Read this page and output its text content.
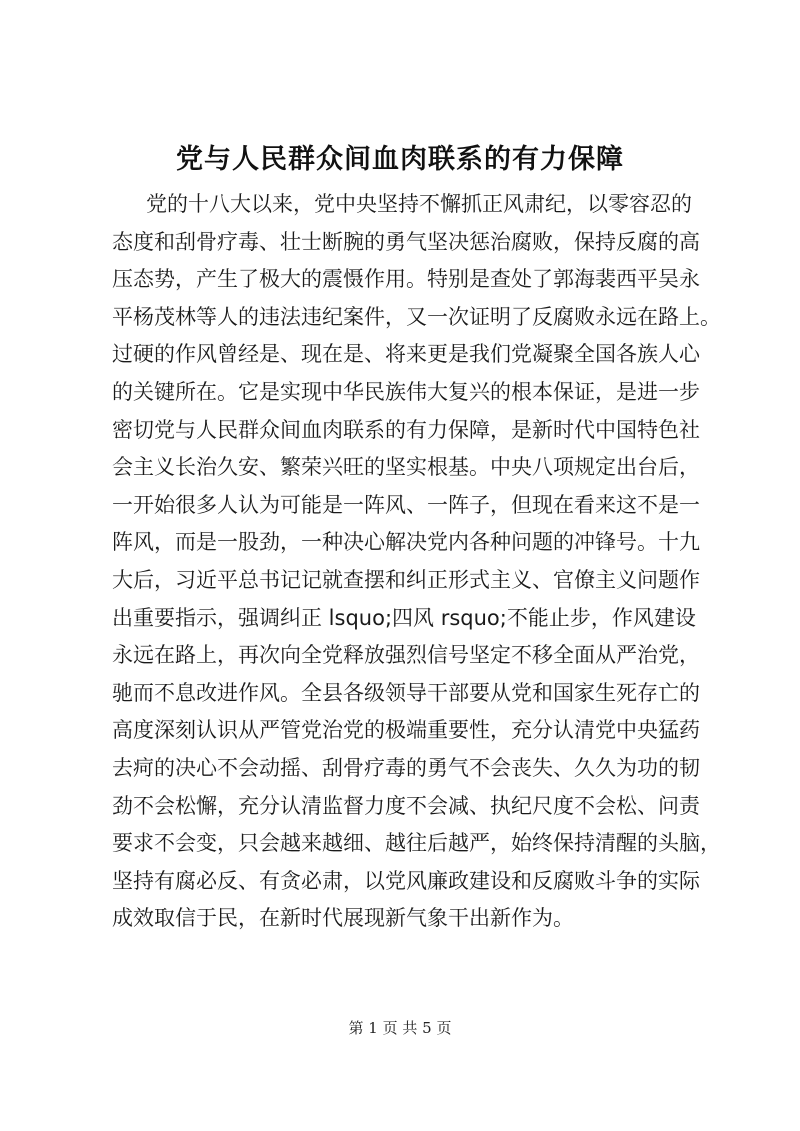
党与人民群众间血肉联系的有力保障
党的十八大以来，党中央坚持不懈抓正风肃纪，以零容忍的
态度和刮骨疗毒、壮士断腕的勇气坚决惩治腐败，保持反腐的高
压态势，产生了极大的震慑作用。特别是查处了郭海裴西平吴永
平杨茂林等人的违法违纪案件，又一次证明了反腐败永远在路上。
过硬的作风曾经是、现在是、将来更是我们党凝聚全国各族人心
的关键所在。它是实现中华民族伟大复兴的根本保证，是进一步
密切党与人民群众间血肉联系的有力保障，是新时代中国特色社
会主义长治久安、繁荣兴旺的坚实根基。中央八项规定出台后，
一开始很多人认为可能是一阵风、一阵子，但现在看来这不是一
阵风，而是一股劲，一种决心解决党内各种问题的冲锋号。十九
大后，习近平总书记记就查摆和纠正形式主义、官僚主义问题作
出重要指示，强调纠正 lsquo;四风 rsquo;不能止步，作风建设
永远在路上，再次向全党释放强烈信号坚定不移全面从严治党，
驰而不息改进作风。全县各级领导干部要从党和国家生死存亡的
高度深刻认识从严管党治党的极端重要性，充分认清党中央猛药
去疴的决心不会动摇、刮骨疗毒的勇气不会丧失、久久为功的韧
劲不会松懈，充分认清监督力度不会减、执纪尺度不会松、问责
要求不会变，只会越来越细、越往后越严，始终保持清醒的头脑，
坚持有腐必反、有贪必肃，以党风廉政建设和反腐败斗争的实际
成效取信于民，在新时代展现新气象干出新作为。
第 1 页 共 5 页
